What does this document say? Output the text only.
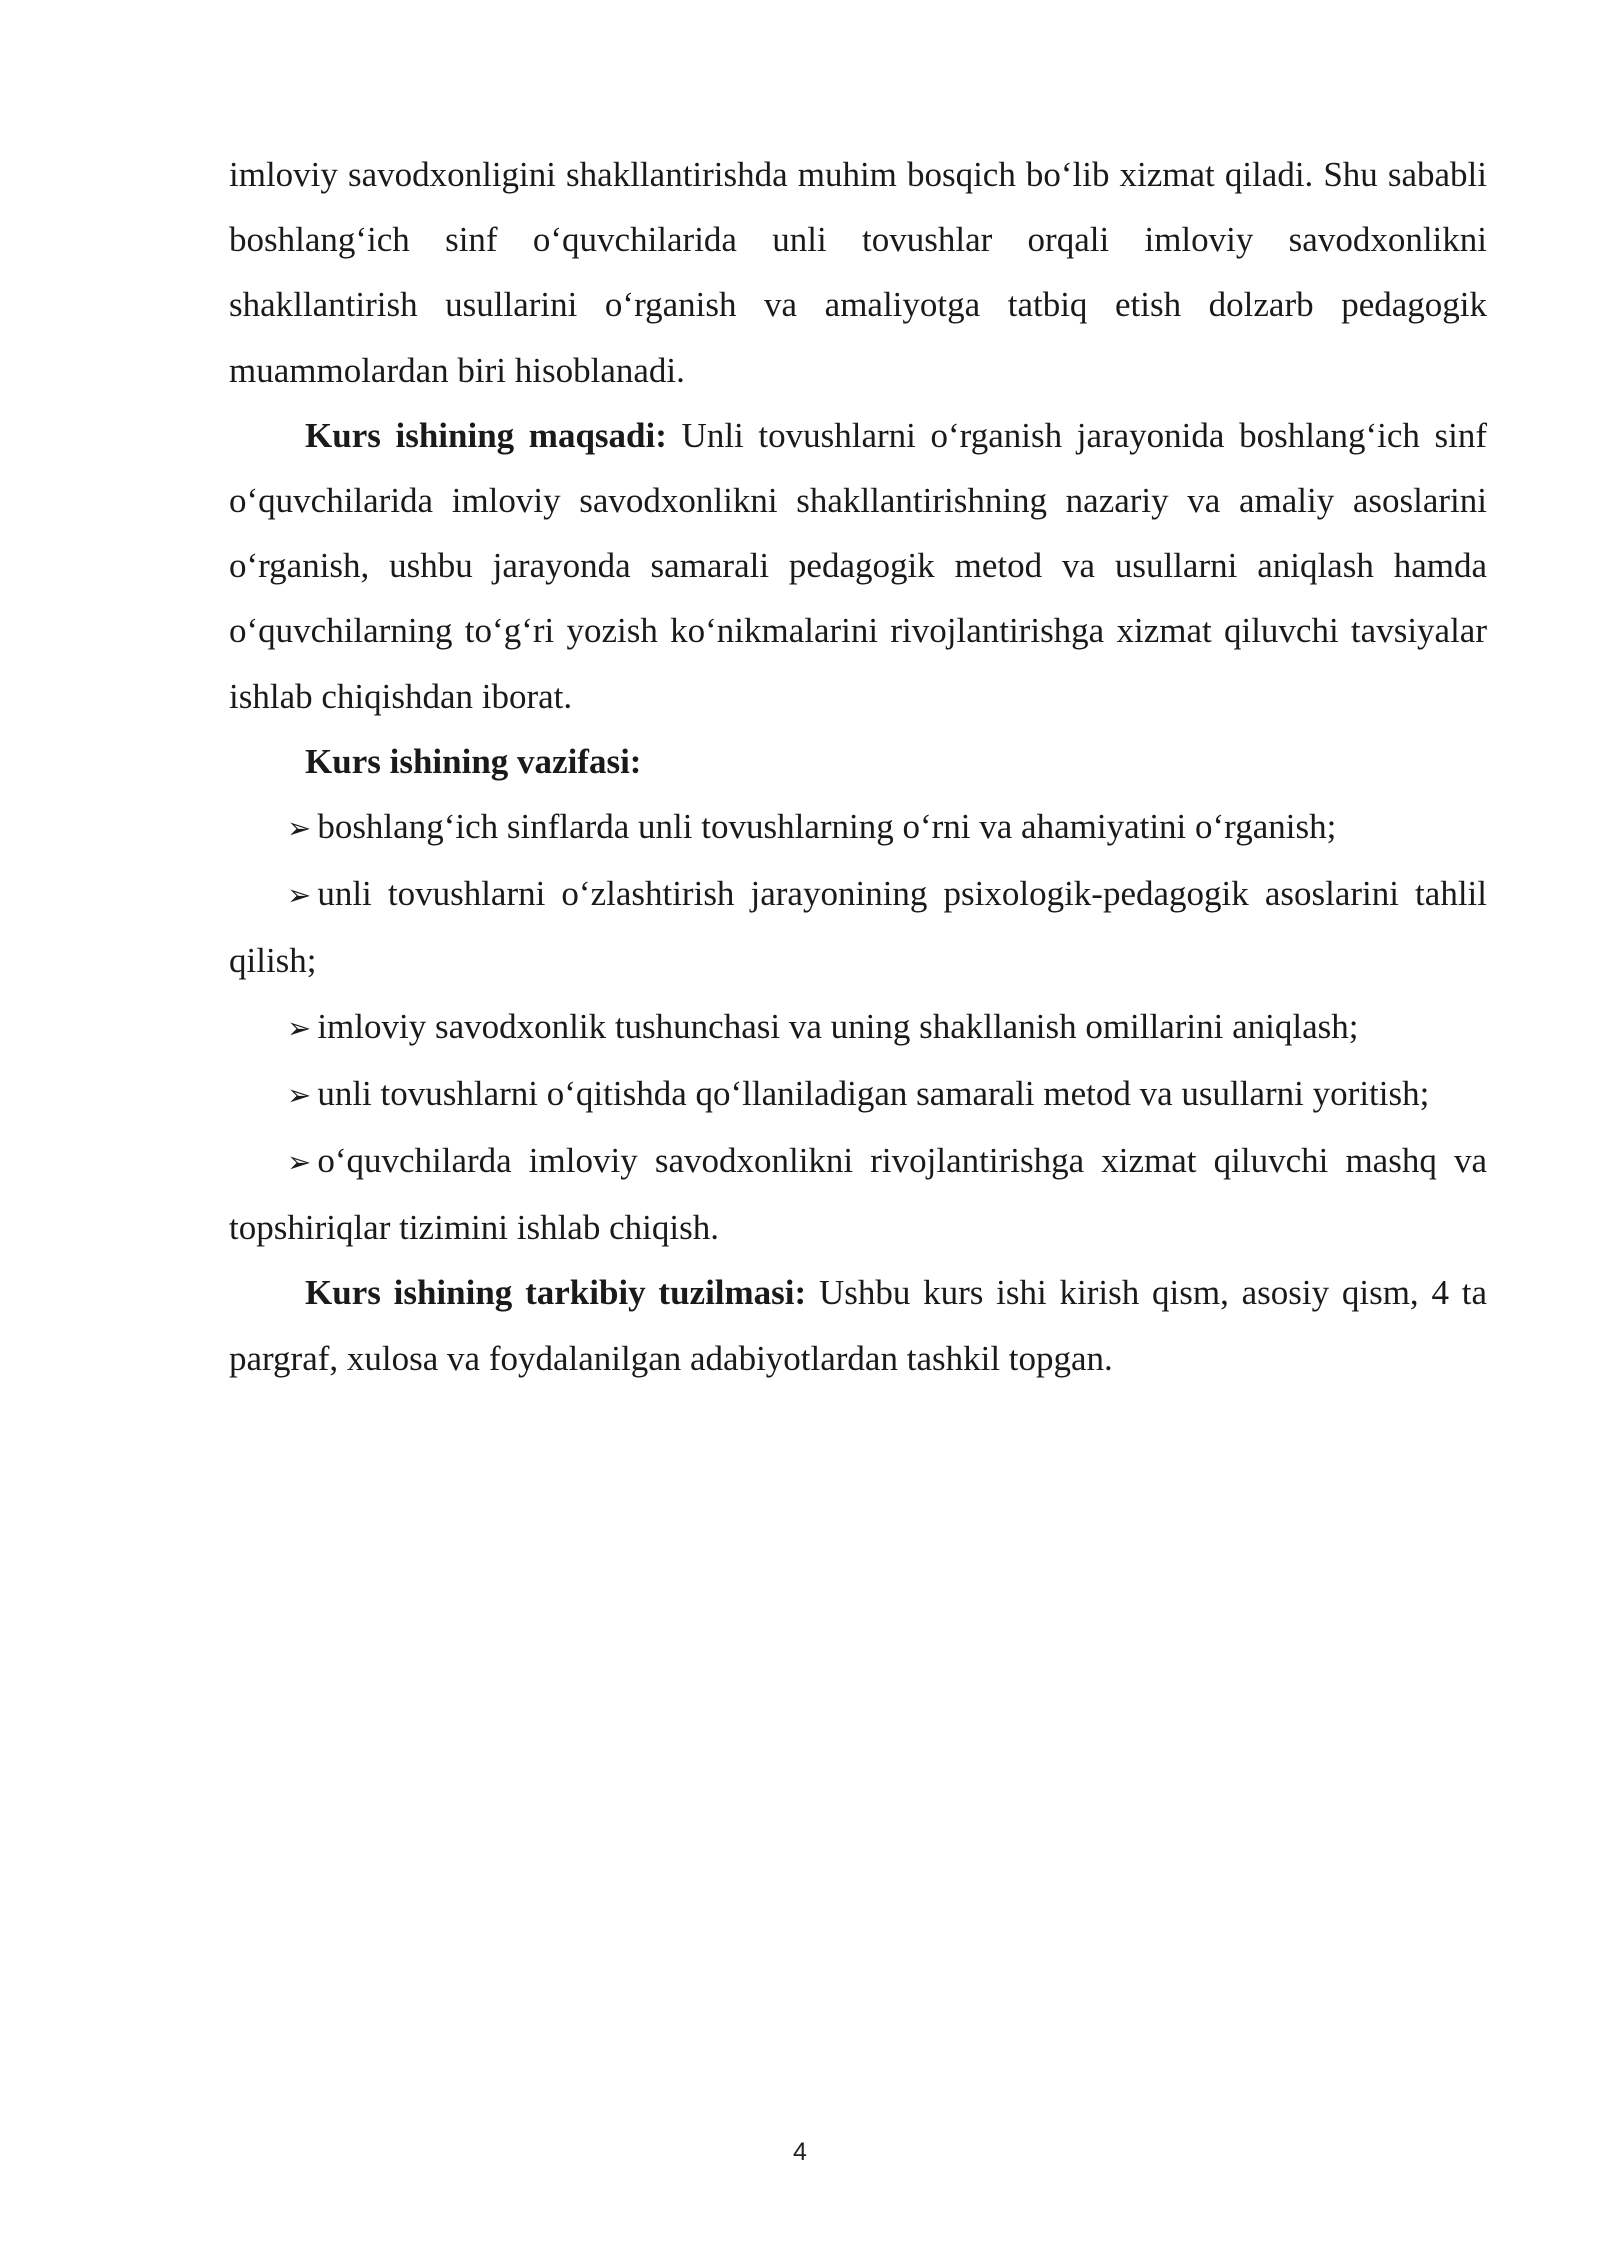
imloviy savodxonligini shakllantirishda muhim bosqich bo‘lib xizmat qiladi. Shu sababli boshlang‘ich sinf o‘quvchilarida unli tovushlar orqali imloviy savodxonlikni shakllantirish usullarini o‘rganish va amaliyotga tatbiq etish dolzarb pedagogik muammolardan biri hisoblanadi.

Kurs ishining maqsadi: Unli tovushlarni o‘rganish jarayonida boshlang‘ich sinf o‘quvchilarida imloviy savodxonlikni shakllantirishning nazariy va amaliy asoslarini o‘rganish, ushbu jarayonda samarali pedagogik metod va usullarni aniqlash hamda o‘quvchilarning to‘g‘ri yozish ko‘nikmalarini rivojlantirishga xizmat qiluvchi tavsiyalar ishlab chiqishdan iborat.

Kurs ishining vazifasi:

➢ boshlang‘ich sinflarda unli tovushlarning o‘rni va ahamiyatini o‘rganish;

➢ unli tovushlarni o‘zlashtirish jarayonining psixologik-pedagogik asoslarini tahlil qilish;

➢ imloviy savodxonlik tushunchasi va uning shakllanish omillarini aniqlash;

➢ unli tovushlarni o‘qitishda qo‘llaniladigan samarali metod va usullarni yoritish;

➢ o‘quvchilarda imloviy savodxonlikni rivojlantirishga xizmat qiluvchi mashq va topshiriqlar tizimini ishlab chiqish.

Kurs ishining tarkibiy tuzilmasi: Ushbu kurs ishi kirish qism, asosiy qism, 4 ta pargraf, xulosa va foydalanilgan adabiyotlardan tashkil topgan.

4
